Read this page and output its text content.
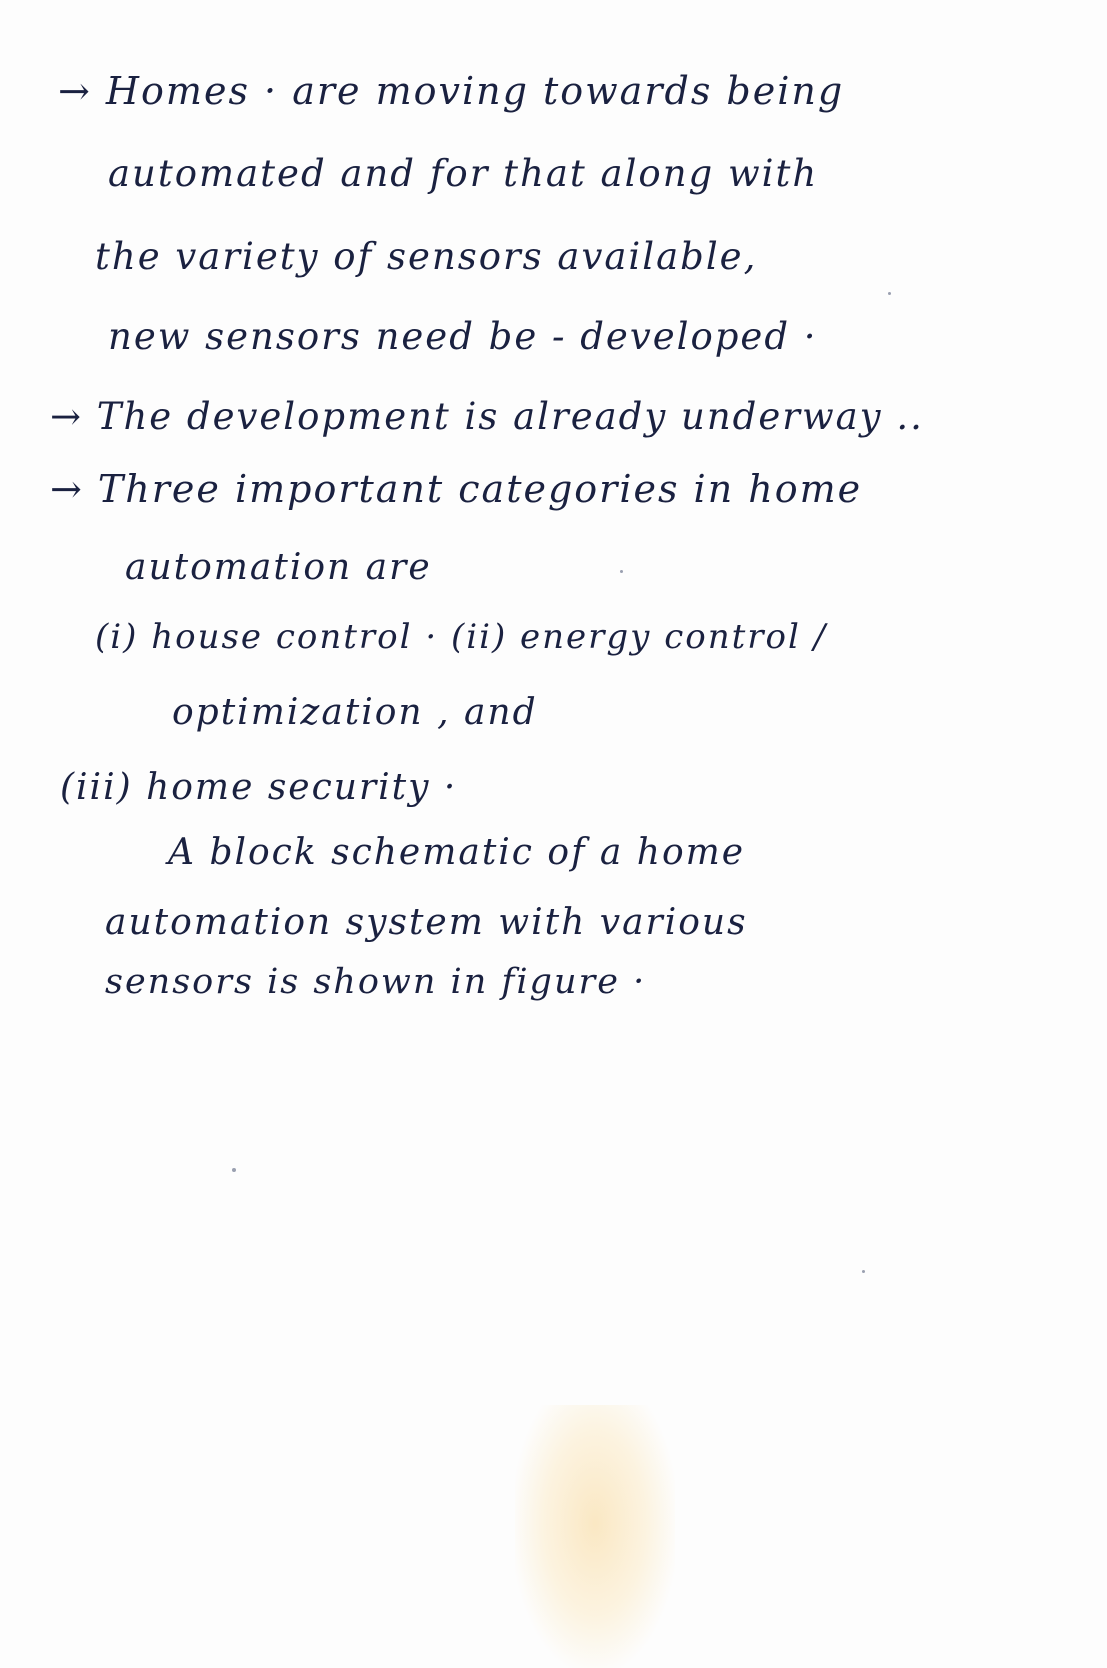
→ Homes · are moving towards being
automated and for that along with
the variety of sensors available,
new sensors need be - developed ·
→ The development is already underway ..
→ Three important categories in home
automation are
(i) house control · (ii) energy control /
optimization , and
(iii) home security ·
A block schematic of a home
automation system with various
sensors is shown in figure ·
